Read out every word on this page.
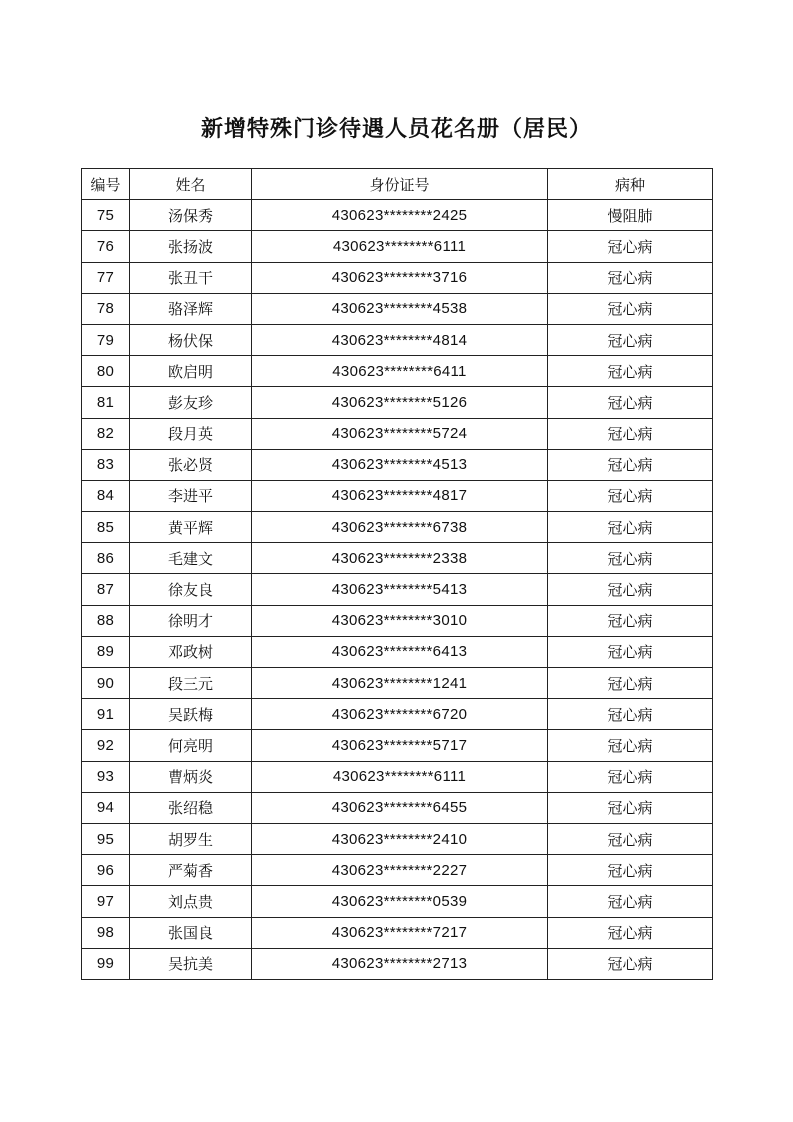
新增特殊门诊待遇人员花名册（居民）
编号	姓名	身份证号	病种
75	汤保秀	430623********2425	慢阻肺
76	张扬波	430623********6111	冠心病
77	张丑干	430623********3716	冠心病
78	骆泽辉	430623********4538	冠心病
79	杨伏保	430623********4814	冠心病
80	欧启明	430623********6411	冠心病
81	彭友珍	430623********5126	冠心病
82	段月英	430623********5724	冠心病
83	张必贤	430623********4513	冠心病
84	李进平	430623********4817	冠心病
85	黄平辉	430623********6738	冠心病
86	毛建文	430623********2338	冠心病
87	徐友良	430623********5413	冠心病
88	徐明才	430623********3010	冠心病
89	邓政树	430623********6413	冠心病
90	段三元	430623********1241	冠心病
91	吴跃梅	430623********6720	冠心病
92	何亮明	430623********5717	冠心病
93	曹炳炎	430623********6111	冠心病
94	张绍稳	430623********6455	冠心病
95	胡罗生	430623********2410	冠心病
96	严菊香	430623********2227	冠心病
97	刘点贵	430623********0539	冠心病
98	张国良	430623********7217	冠心病
99	吴抗美	430623********2713	冠心病
